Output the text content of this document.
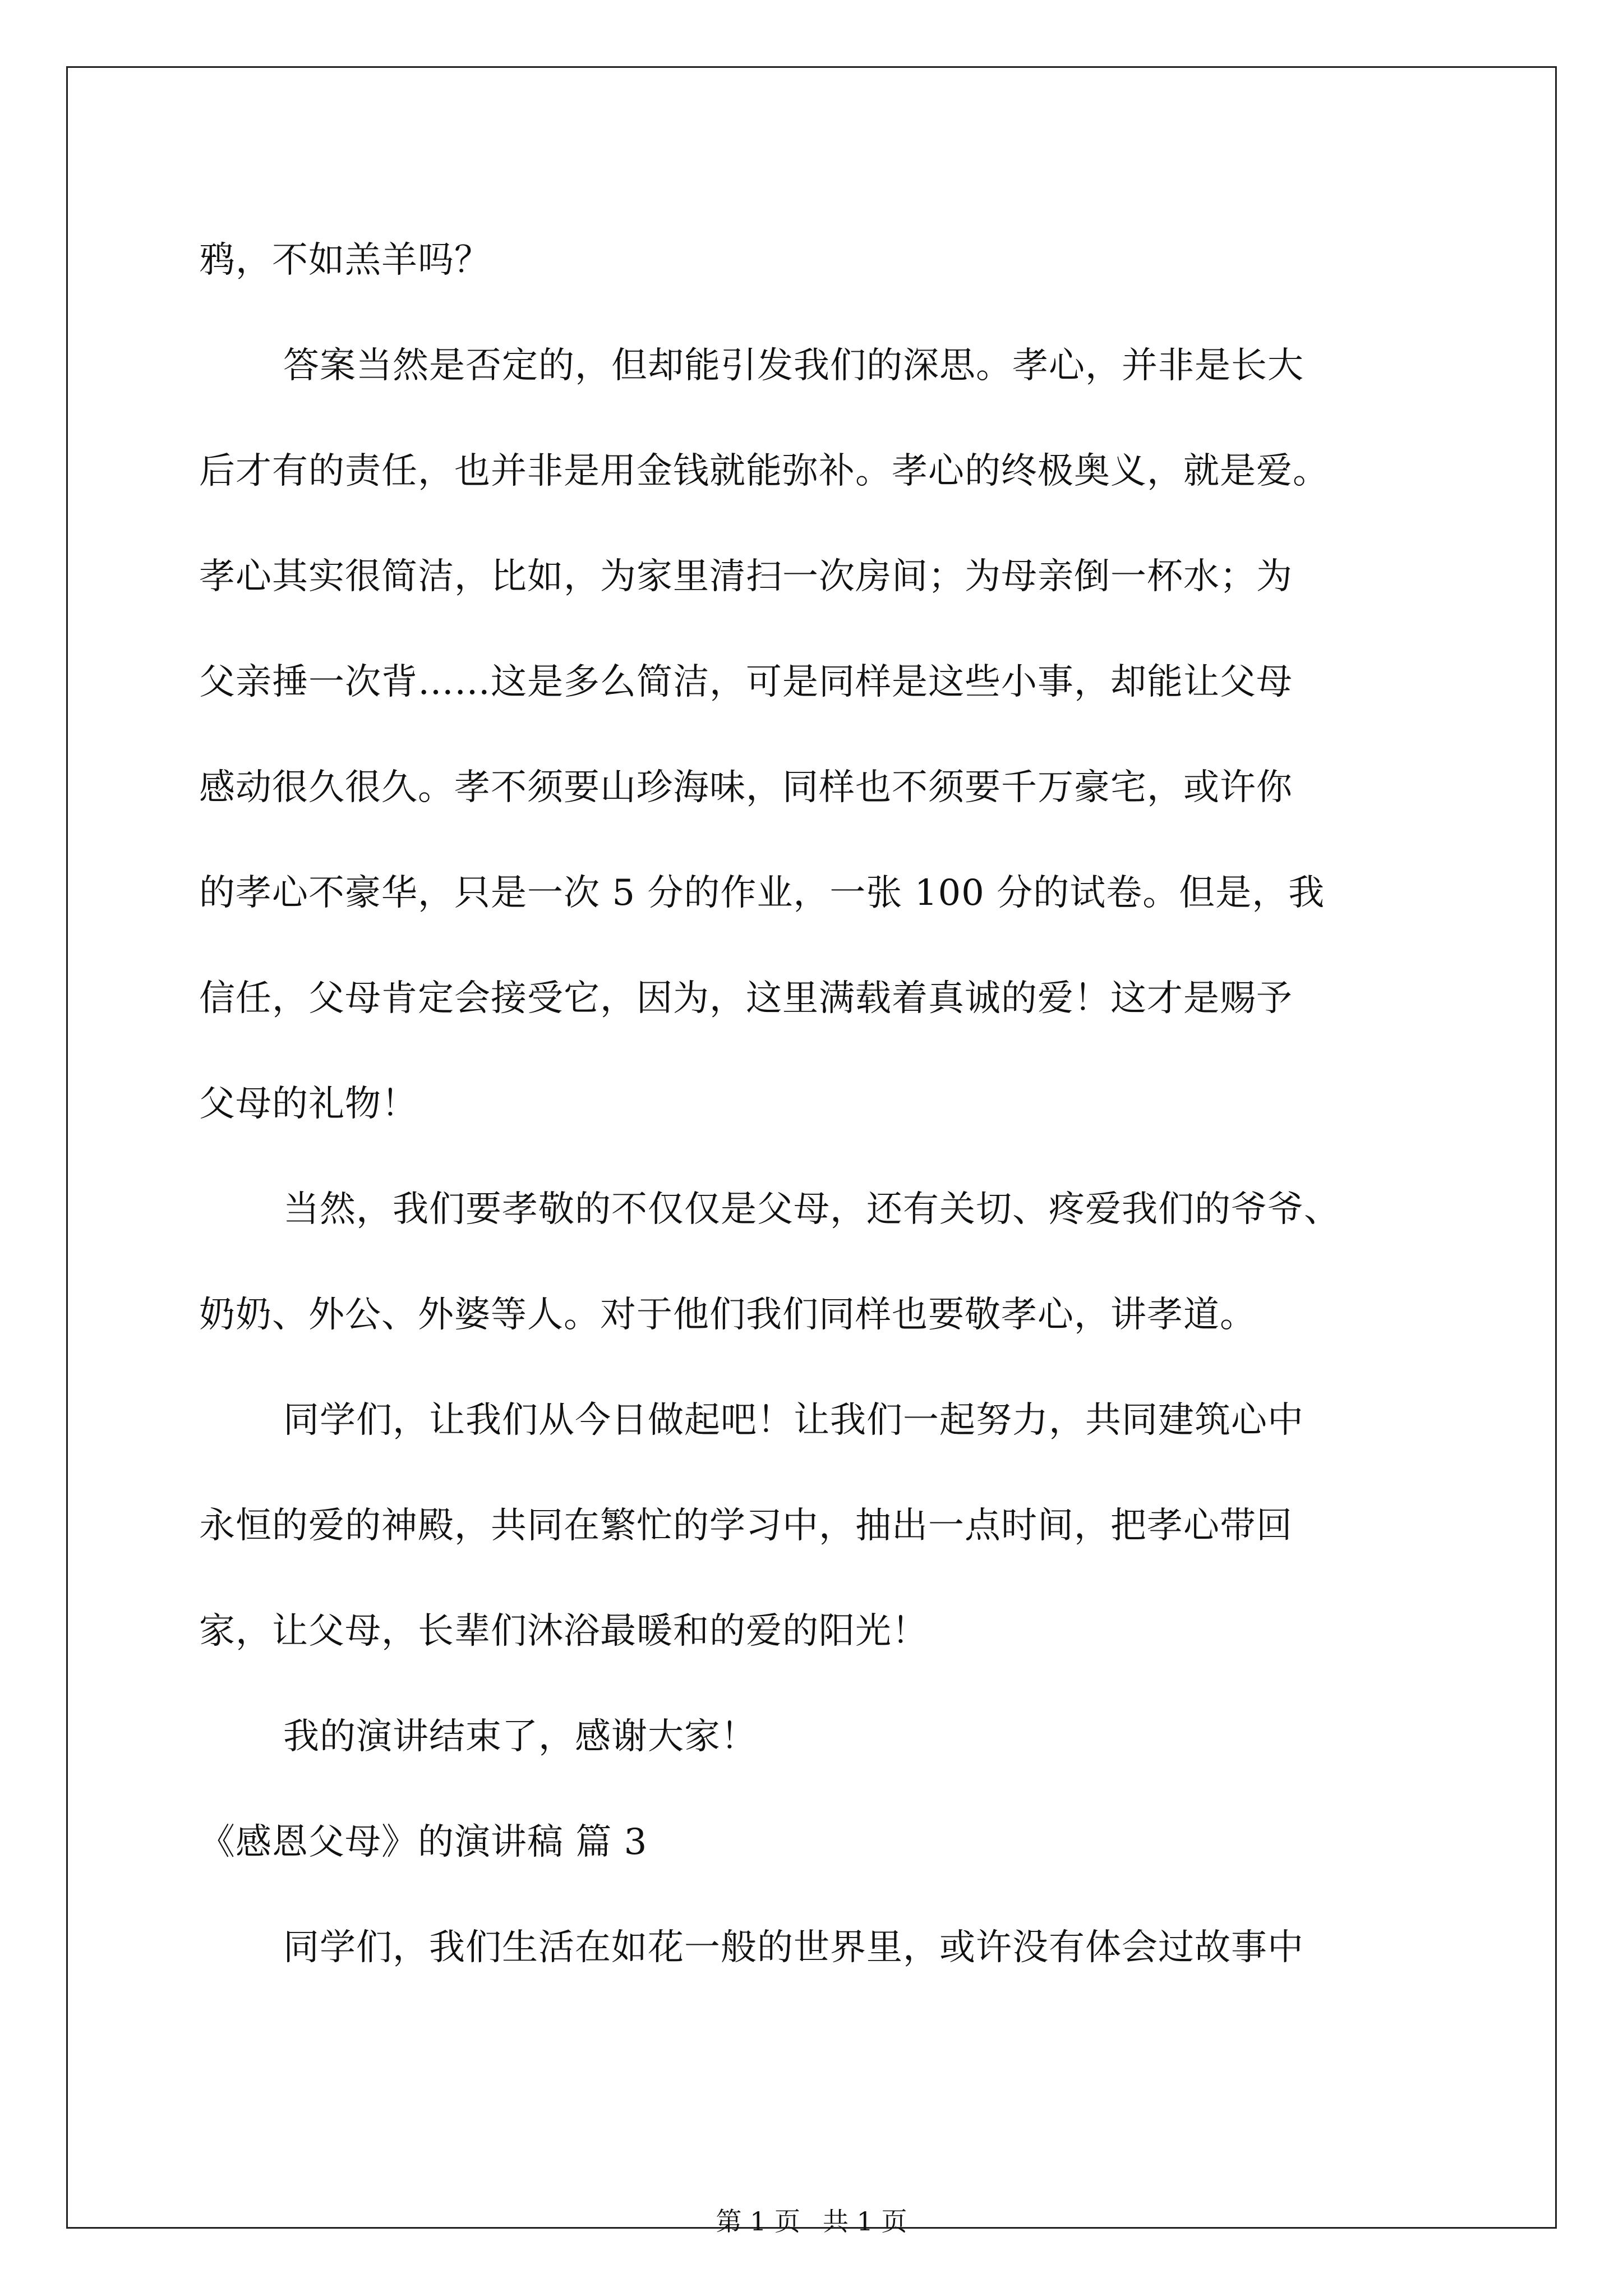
鸦，不如羔羊吗？
答案当然是否定的，但却能引发我们的深思。孝心，并非是长大
后才有的责任，也并非是用金钱就能弥补。孝心的终极奥义，就是爱。
孝心其实很简洁，比如，为家里清扫一次房间；为母亲倒一杯水；为
父亲捶一次背……这是多么简洁，可是同样是这些小事，却能让父母
感动很久很久。孝不须要山珍海味，同样也不须要千万豪宅，或许你
的孝心不豪华，只是一次 5 分的作业，一张 100 分的试卷。但是，我
信任，父母肯定会接受它，因为，这里满载着真诚的爱！这才是赐予
父母的礼物！
当然，我们要孝敬的不仅仅是父母，还有关切、疼爱我们的爷爷、
奶奶、外公、外婆等人。对于他们我们同样也要敬孝心，讲孝道。
同学们，让我们从今日做起吧！让我们一起努力，共同建筑心中
永恒的爱的神殿，共同在繁忙的学习中，抽出一点时间，把孝心带回
家，让父母，长辈们沐浴最暖和的爱的阳光！
我的演讲结束了，感谢大家！
《感恩父母》的演讲稿 篇 3
同学们，我们生活在如花一般的世界里，或许没有体会过故事中
第 1 页 共 1 页
